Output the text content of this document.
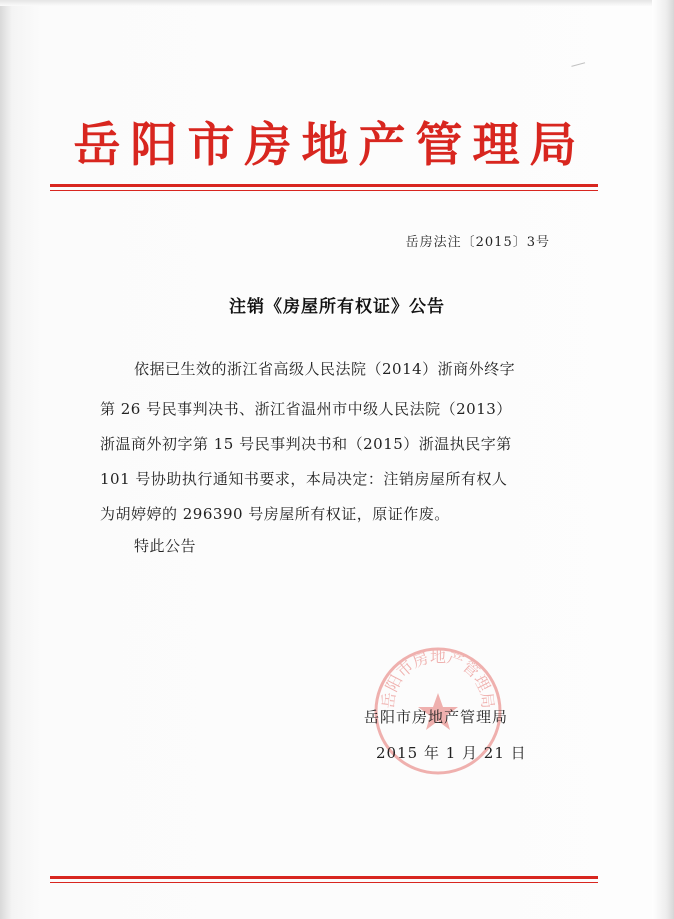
岳阳市房地产管理局
岳房法注〔2015〕3号
注销《房屋所有权证》公告
依据已生效的浙江省高级人民法院（2014）浙商外终字
第 26 号民事判决书、浙江省温州市中级人民法院（2013）
浙温商外初字第 15 号民事判决书和（2015）浙温执民字第
101 号协助执行通知书要求，本局决定：注销房屋所有权人
为胡婷婷的 296390 号房屋所有权证，原证作废。
特此公告
岳阳市房地产管理局
岳阳市房地产管理局
2015 年 1 月 21 日
